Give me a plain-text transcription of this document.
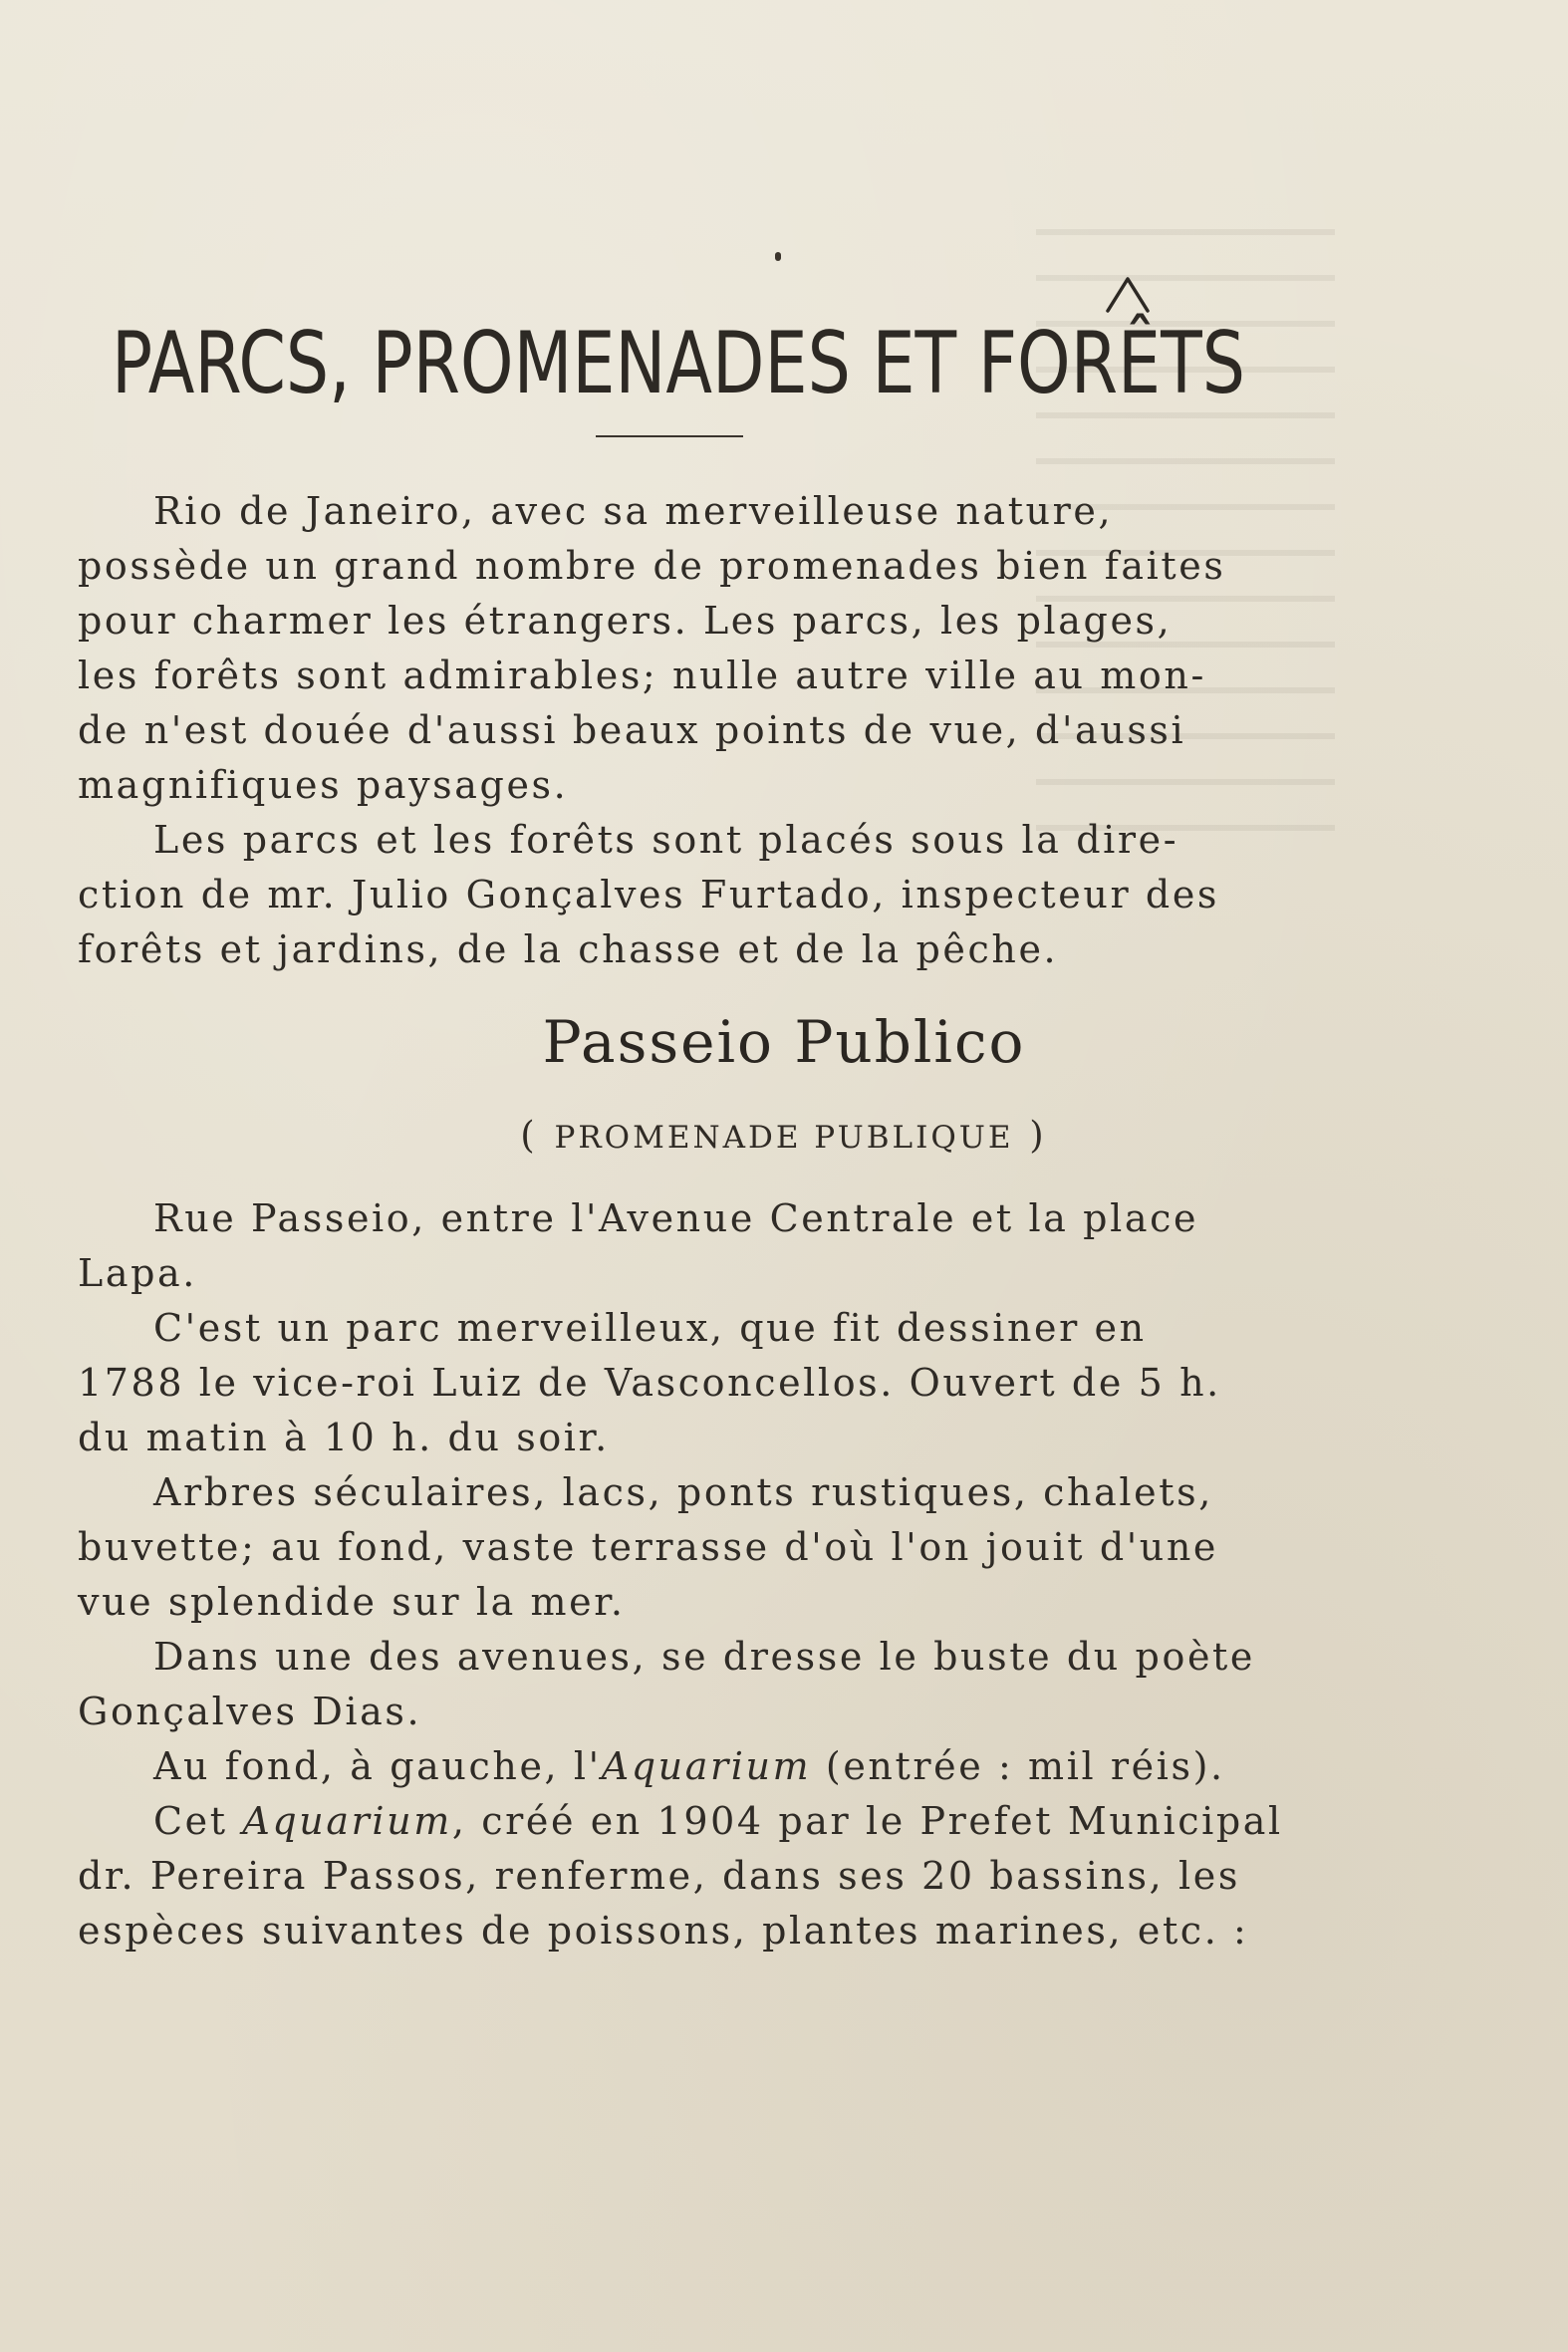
PARCS, PROMENADES ET FORÊTS
Rio de Janeiro, avec sa merveilleuse nature,
possède un grand nombre de promenades bien faites
pour charmer les étrangers. Les parcs, les plages,
les forêts sont admirables; nulle autre ville au mon-
de n'est douée d'aussi beaux points de vue, d'aussi
magnifiques paysages.
Les parcs et les forêts sont placés sous la dire-
ction de mr. Julio Gonçalves Furtado, inspecteur des
forêts et jardins, de la chasse et de la pêche.
Passeio Publico
( PROMENADE PUBLIQUE )
Rue Passeio, entre l'Avenue Centrale et la place
Lapa.
C'est un parc merveilleux, que fit dessiner en
1788 le vice-roi Luiz de Vasconcellos. Ouvert de 5 h.
du matin à 10 h. du soir.
Arbres séculaires, lacs, ponts rustiques, chalets,
buvette; au fond, vaste terrasse d'où l'on jouit d'une
vue splendide sur la mer.
Dans une des avenues, se dresse le buste du poète
Gonçalves Dias.
Au fond, à gauche, l'Aquarium (entrée : mil réis).
Cet Aquarium, créé en 1904 par le Prefet Municipal
dr. Pereira Passos, renferme, dans ses 20 bassins, les
espèces suivantes de poissons, plantes marines, etc. :
